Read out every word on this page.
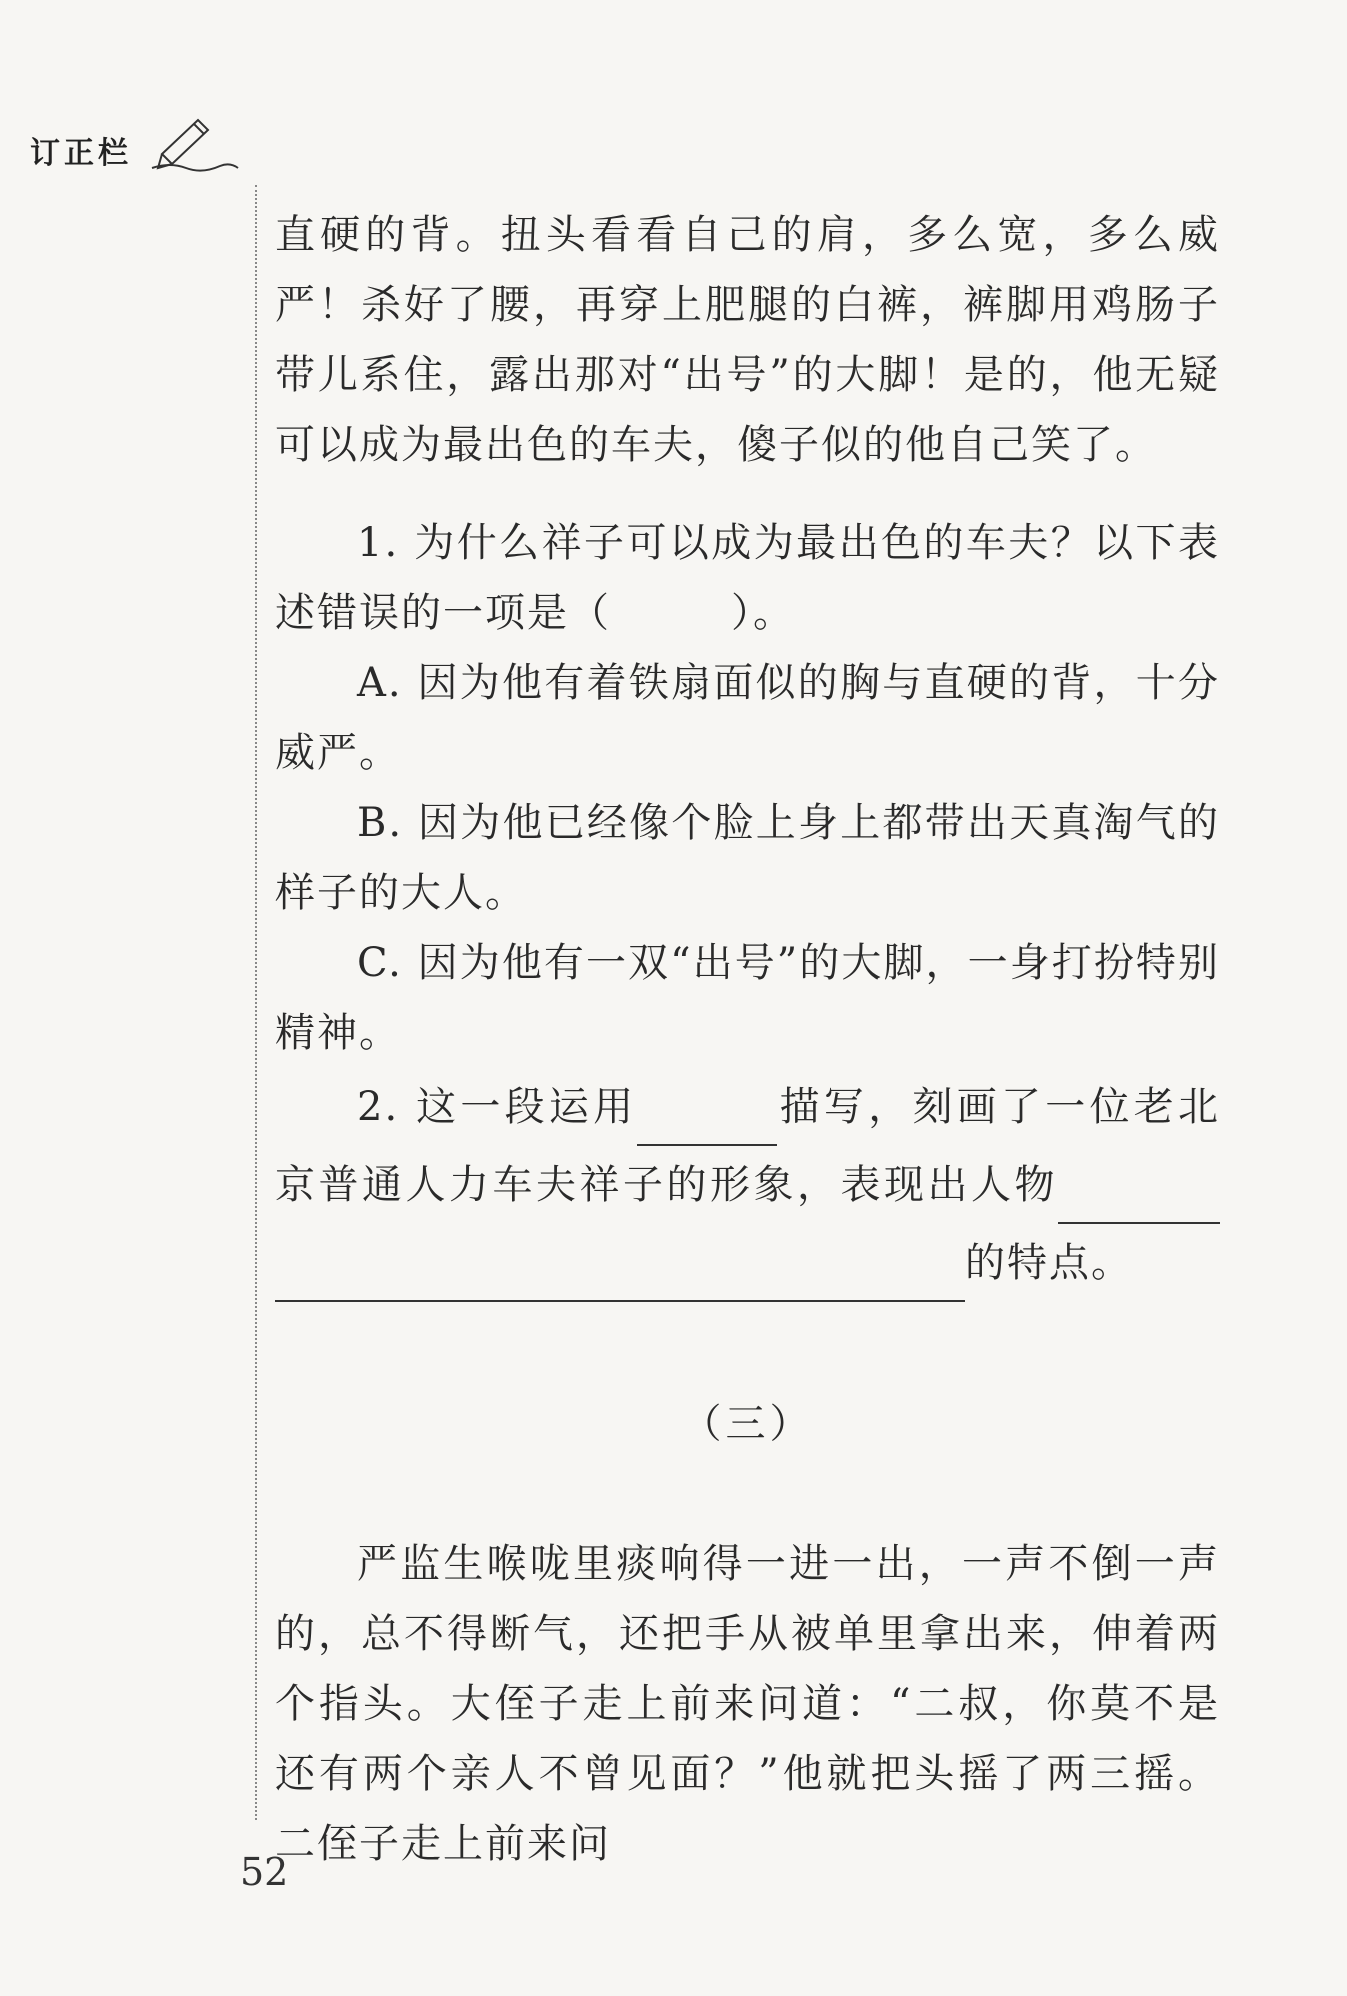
订正栏

直硬的背。扭头看看自己的肩，多么宽，多么威严！杀好了腰，再穿上肥腿的白裤，裤脚用鸡肠子带儿系住，露出那对“出号”的大脚！是的，他无疑可以成为最出色的车夫，傻子似的他自己笑了。

1. 为什么祥子可以成为最出色的车夫？以下表述错误的一项是（	）。

A. 因为他有着铁扇面似的胸与直硬的背，十分威严。

B. 因为他已经像个脸上身上都带出天真淘气的样子的大人。

C. 因为他有一双“出号”的大脚，一身打扮特别精神。

2. 这一段运用	描写，刻画了一位老北京普通人力车夫祥子的形象，表现出人物的特点。

（三）

严监生喉咙里痰响得一进一出，一声不倒一声的，总不得断气，还把手从被单里拿出来，伸着两个指头。大侄子走上前来问道：“二叔，你莫不是还有两个亲人不曾见面？”他就把头摇了两三摇。二侄子走上前来问

52
